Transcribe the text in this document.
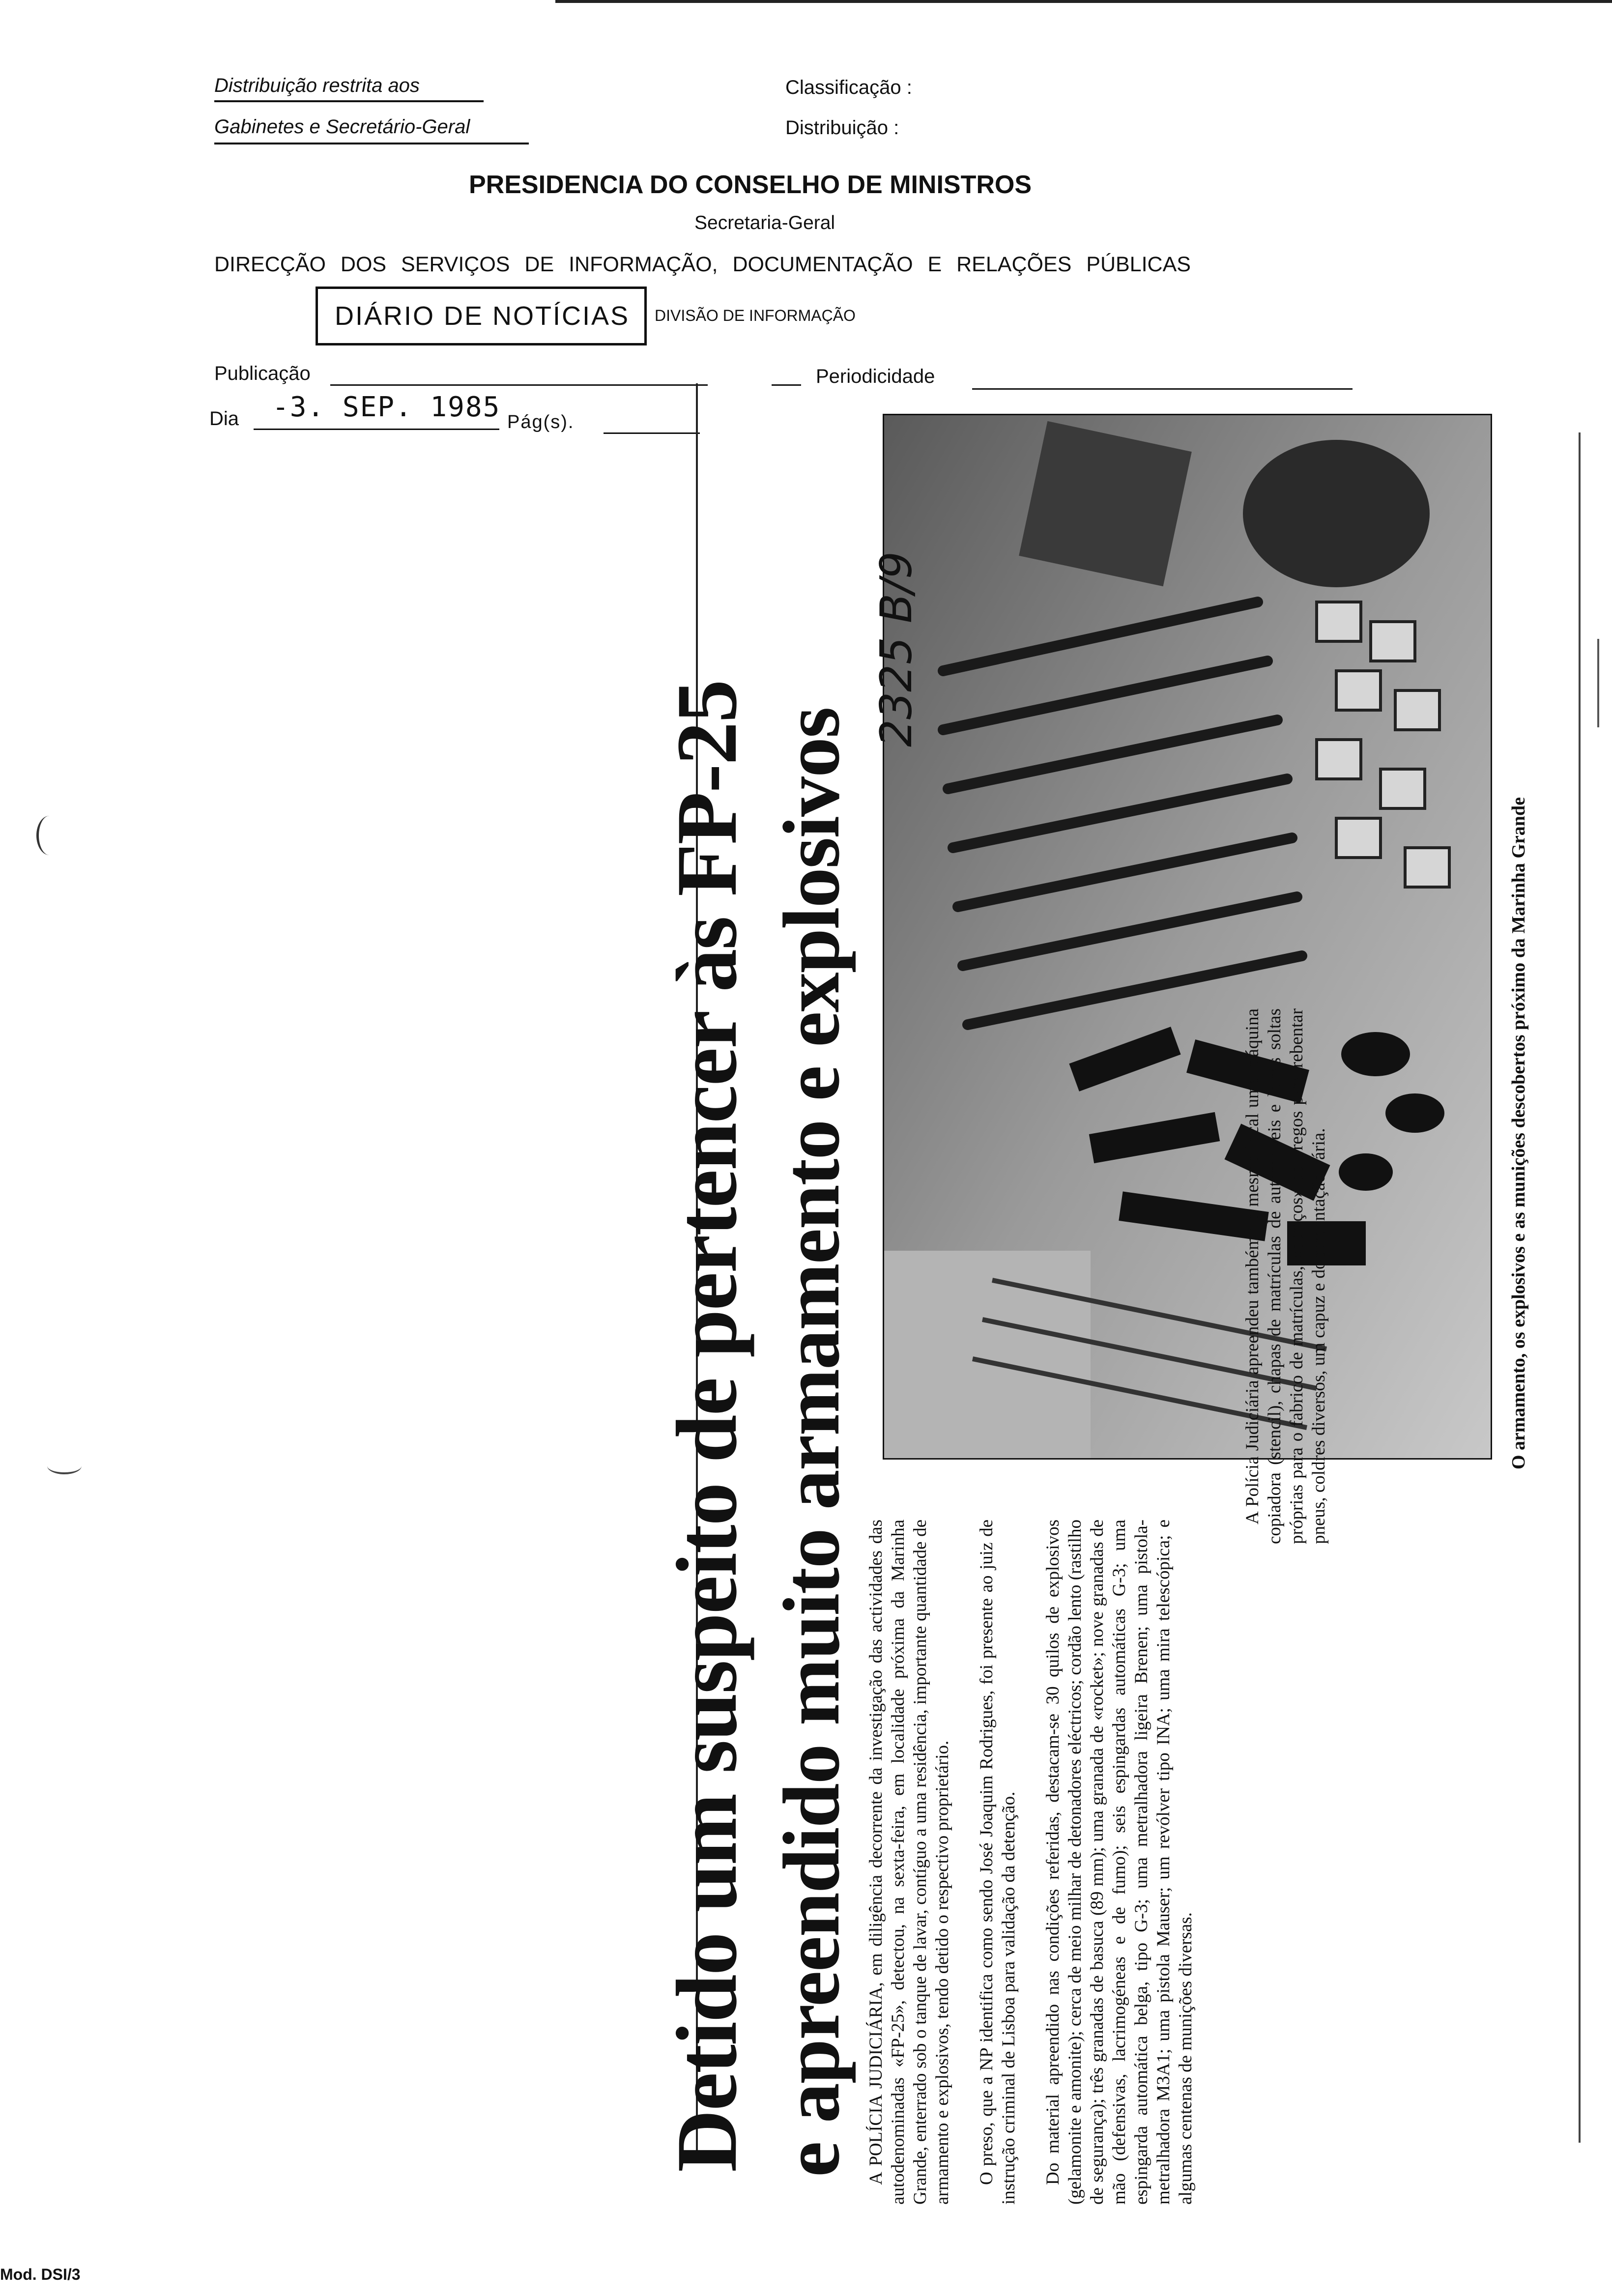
Distribuição restrita aos
Gabinetes e Secretário-Geral
Classificação :
Distribuição :
PRESIDENCIA DO CONSELHO DE MINISTROS
Secretaria-Geral
DIRECÇÃO DOS SERVIÇOS DE INFORMAÇÃO, DOCUMENTAÇÃO E RELAÇÕES PÚBLICAS
DIÁRIO DE NOTÍCIAS DIVISÃO DE INFORMAÇÃO
Publicação	Periodicidade
Dia -3. SEP. 1985 Pág(s).
O armamento, os explosivos e as munições descobertos próximo da Marinha Grande
2325 B/9
Detido um suspeito de pertencer às FP-25 e apreendido muito armamento e explosivos A POLÍCIA JUDICIÁRIA, em diligência decorrente da investigação das actividades das autodenominadas «FP-25», detectou, na sexta-feira, em localidade próxima da Marinha Grande, enterrado sob o tanque de lavar, contíguo a uma residência, importante quantidade de armamento e explosivos, tendo detido o respectivo proprietário. O preso, que a NP identifica como sendo José Joaquim Rodrigues, foi presente ao juiz de instrução criminal de Lisboa para validação da detenção. Do material apreendido nas condições referidas, destacam-se 30 quilos de explosivos (gelamonite e amonite); cerca de meio milhar de detonadores eléctricos; cordão lento (rastilho de segurança); três granadas de basuca (89 mm); uma granada de «rocket»; nove granadas de mão (defensivas, lacrimogéneas e de fumo); seis espingardas automáticas G-3; uma espingarda automática belga, tipo G-3; uma metralhadora ligeira Brenen; uma pistola-metralhadora M3A1; uma pistola Mauser; um revólver tipo INA; uma mira telescópica; e algumas centenas de munições diversas.

A Polícia Judiciária apreendeu também no mesmo local uma máquina copiadora (stencil), chapas de matrículas de automóveis e letras soltas próprias para o fabrico de matrículas, «ouriços» de pregos para rebentar pneus, coldres diversos, um capuz e documentação vária.

Mod. DSI/3
